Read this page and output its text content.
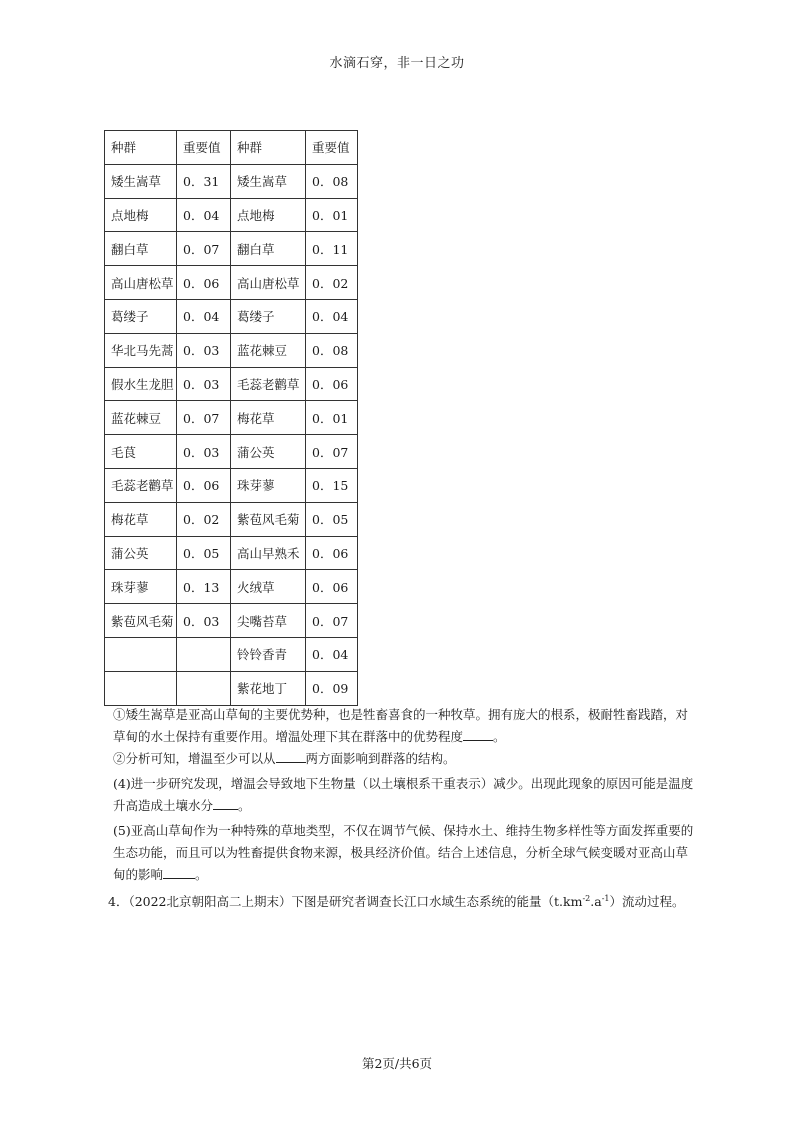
水滴石穿，非一日之功
种群	重要值	种群	重要值
矮生嵩草	0．31	矮生嵩草	0．08
点地梅	0．04	点地梅	0．01
翻白草	0．07	翻白草	0．11
高山唐松草	0．06	高山唐松草	0．02
葛缕子	0．04	葛缕子	0．04
华北马先蒿	0．03	蓝花棘豆	0．08
假水生龙胆	0．03	毛蕊老鹳草	0．06
蓝花棘豆	0．07	梅花草	0．01
毛茛	0．03	蒲公英	0．07
毛蕊老鹳草	0．06	珠芽蓼	0．15
梅花草	0．02	紫苞风毛菊	0．05
蒲公英	0．05	高山早熟禾	0．06
珠芽蓼	0．13	火绒草	0．06
紫苞风毛菊	0．03	尖嘴苔草	0．07
		铃铃香青	0．04
		紫花地丁	0．09
①矮生嵩草是亚高山草甸的主要优势种，也是牲畜喜食的一种牧草。拥有庞大的根系，极耐牲畜践踏，对
草甸的水土保持有重要作用。增温处理下其在群落中的优势程度 。
②分析可知，增温至少可以从 两方面影响到群落的结构。
(4)进一步研究发现，增温会导致地下生物量（以土壤根系干重表示）减少。出现此现象的原因可能是温度
升高造成土壤水分 。
(5)亚高山草甸作为一种特殊的草地类型，不仅在调节气候、保持水土、维持生物多样性等方面发挥重要的
生态功能，而且可以为牲畜提供食物来源，极具经济价值。结合上述信息，分析全球气候变暖对亚高山草
甸的影响	。
4．（2022北京朝阳高二上期末）下图是研究者调查长江口水域生态系统的能量$(t.km^{-2}.a^{-1})$流动过程。
第2页/共6页
